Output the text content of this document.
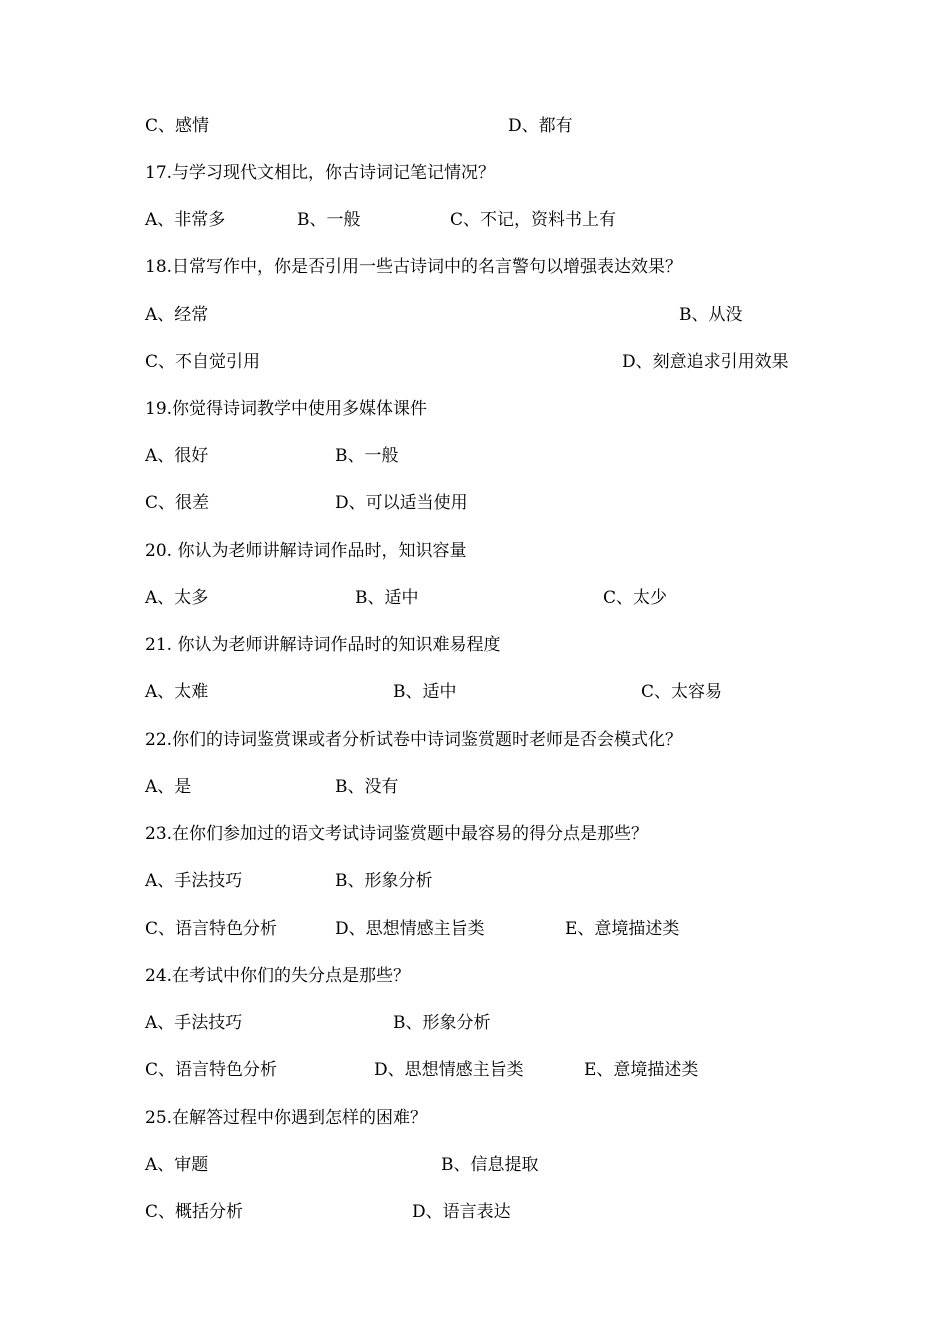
C、感情	D、都有
17.与学习现代文相比，你古诗词记笔记情况？
A、非常多	B、一般	C、不记，资料书上有
18.日常写作中，你是否引用一些古诗词中的名言警句以增强表达效果？
A、经常	B、从没
C、不自觉引用	D、刻意追求引用效果
19.你觉得诗词教学中使用多媒体课件
A、很好	B、一般
C、很差	D、可以适当使用
20. 你认为老师讲解诗词作品时，知识容量
A、太多	B、适中	C、太少
21. 你认为老师讲解诗词作品时的知识难易程度
A、太难	B、适中	C、太容易
22.你们的诗词鉴赏课或者分析试卷中诗词鉴赏题时老师是否会模式化？
A、是	B、没有
23.在你们参加过的语文考试诗词鉴赏题中最容易的得分点是那些？
A、手法技巧	B、形象分析
C、语言特色分析	D、思想情感主旨类	E、意境描述类
24.在考试中你们的失分点是那些？
A、手法技巧	B、形象分析
C、语言特色分析	D、思想情感主旨类	E、意境描述类
25.在解答过程中你遇到怎样的困难？
A、审题	B、信息提取
C、概括分析	D、语言表达
